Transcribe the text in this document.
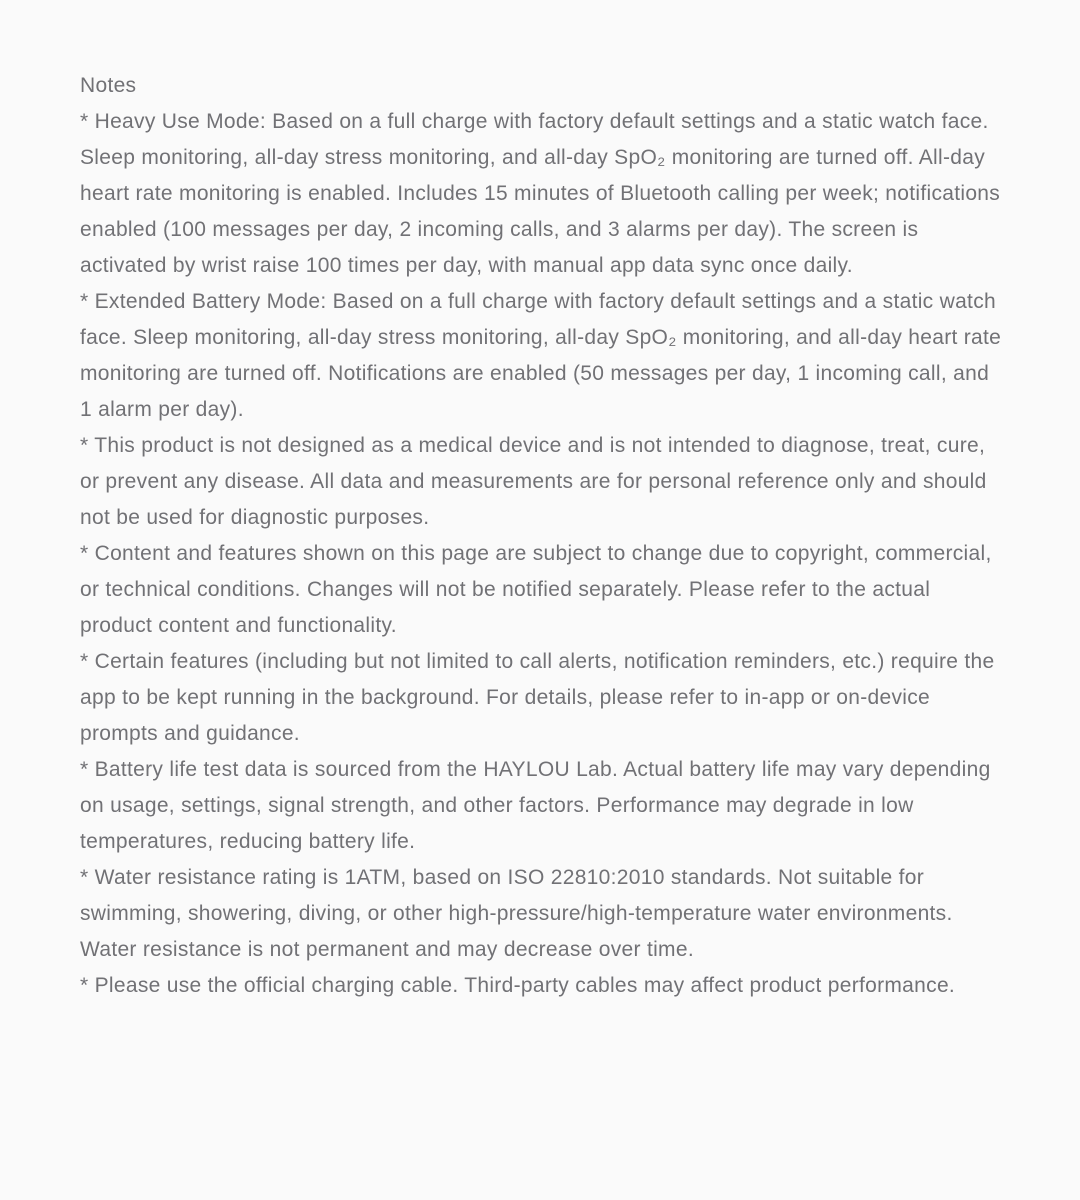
Notes

* Heavy Use Mode: Based on a full charge with factory default settings and a static watch face. Sleep monitoring, all-day stress monitoring, and all-day SpO₂ monitoring are turned off. All-day heart rate monitoring is enabled. Includes 15 minutes of Bluetooth calling per week; notifications enabled (100 messages per day, 2 incoming calls, and 3 alarms per day). The screen is activated by wrist raise 100 times per day, with manual app data sync once daily.

* Extended Battery Mode: Based on a full charge with factory default settings and a static watch face. Sleep monitoring, all-day stress monitoring, all-day SpO₂ monitoring, and all-day heart rate monitoring are turned off. Notifications are enabled (50 messages per day, 1 incoming call, and 1 alarm per day).

* This product is not designed as a medical device and is not intended to diagnose, treat, cure, or prevent any disease. All data and measurements are for personal reference only and should not be used for diagnostic purposes.

* Content and features shown on this page are subject to change due to copyright, commercial, or technical conditions. Changes will not be notified separately. Please refer to the actual product content and functionality.

* Certain features (including but not limited to call alerts, notification reminders, etc.) require the app to be kept running in the background. For details, please refer to in-app or on-device prompts and guidance.

* Battery life test data is sourced from the HAYLOU Lab. Actual battery life may vary depending on usage, settings, signal strength, and other factors. Performance may degrade in low temperatures, reducing battery life.

* Water resistance rating is 1ATM, based on ISO 22810:2010 standards. Not suitable for swimming, showering, diving, or other high-pressure/high-temperature water environments. Water resistance is not permanent and may decrease over time.

* Please use the official charging cable. Third-party cables may affect product performance.
